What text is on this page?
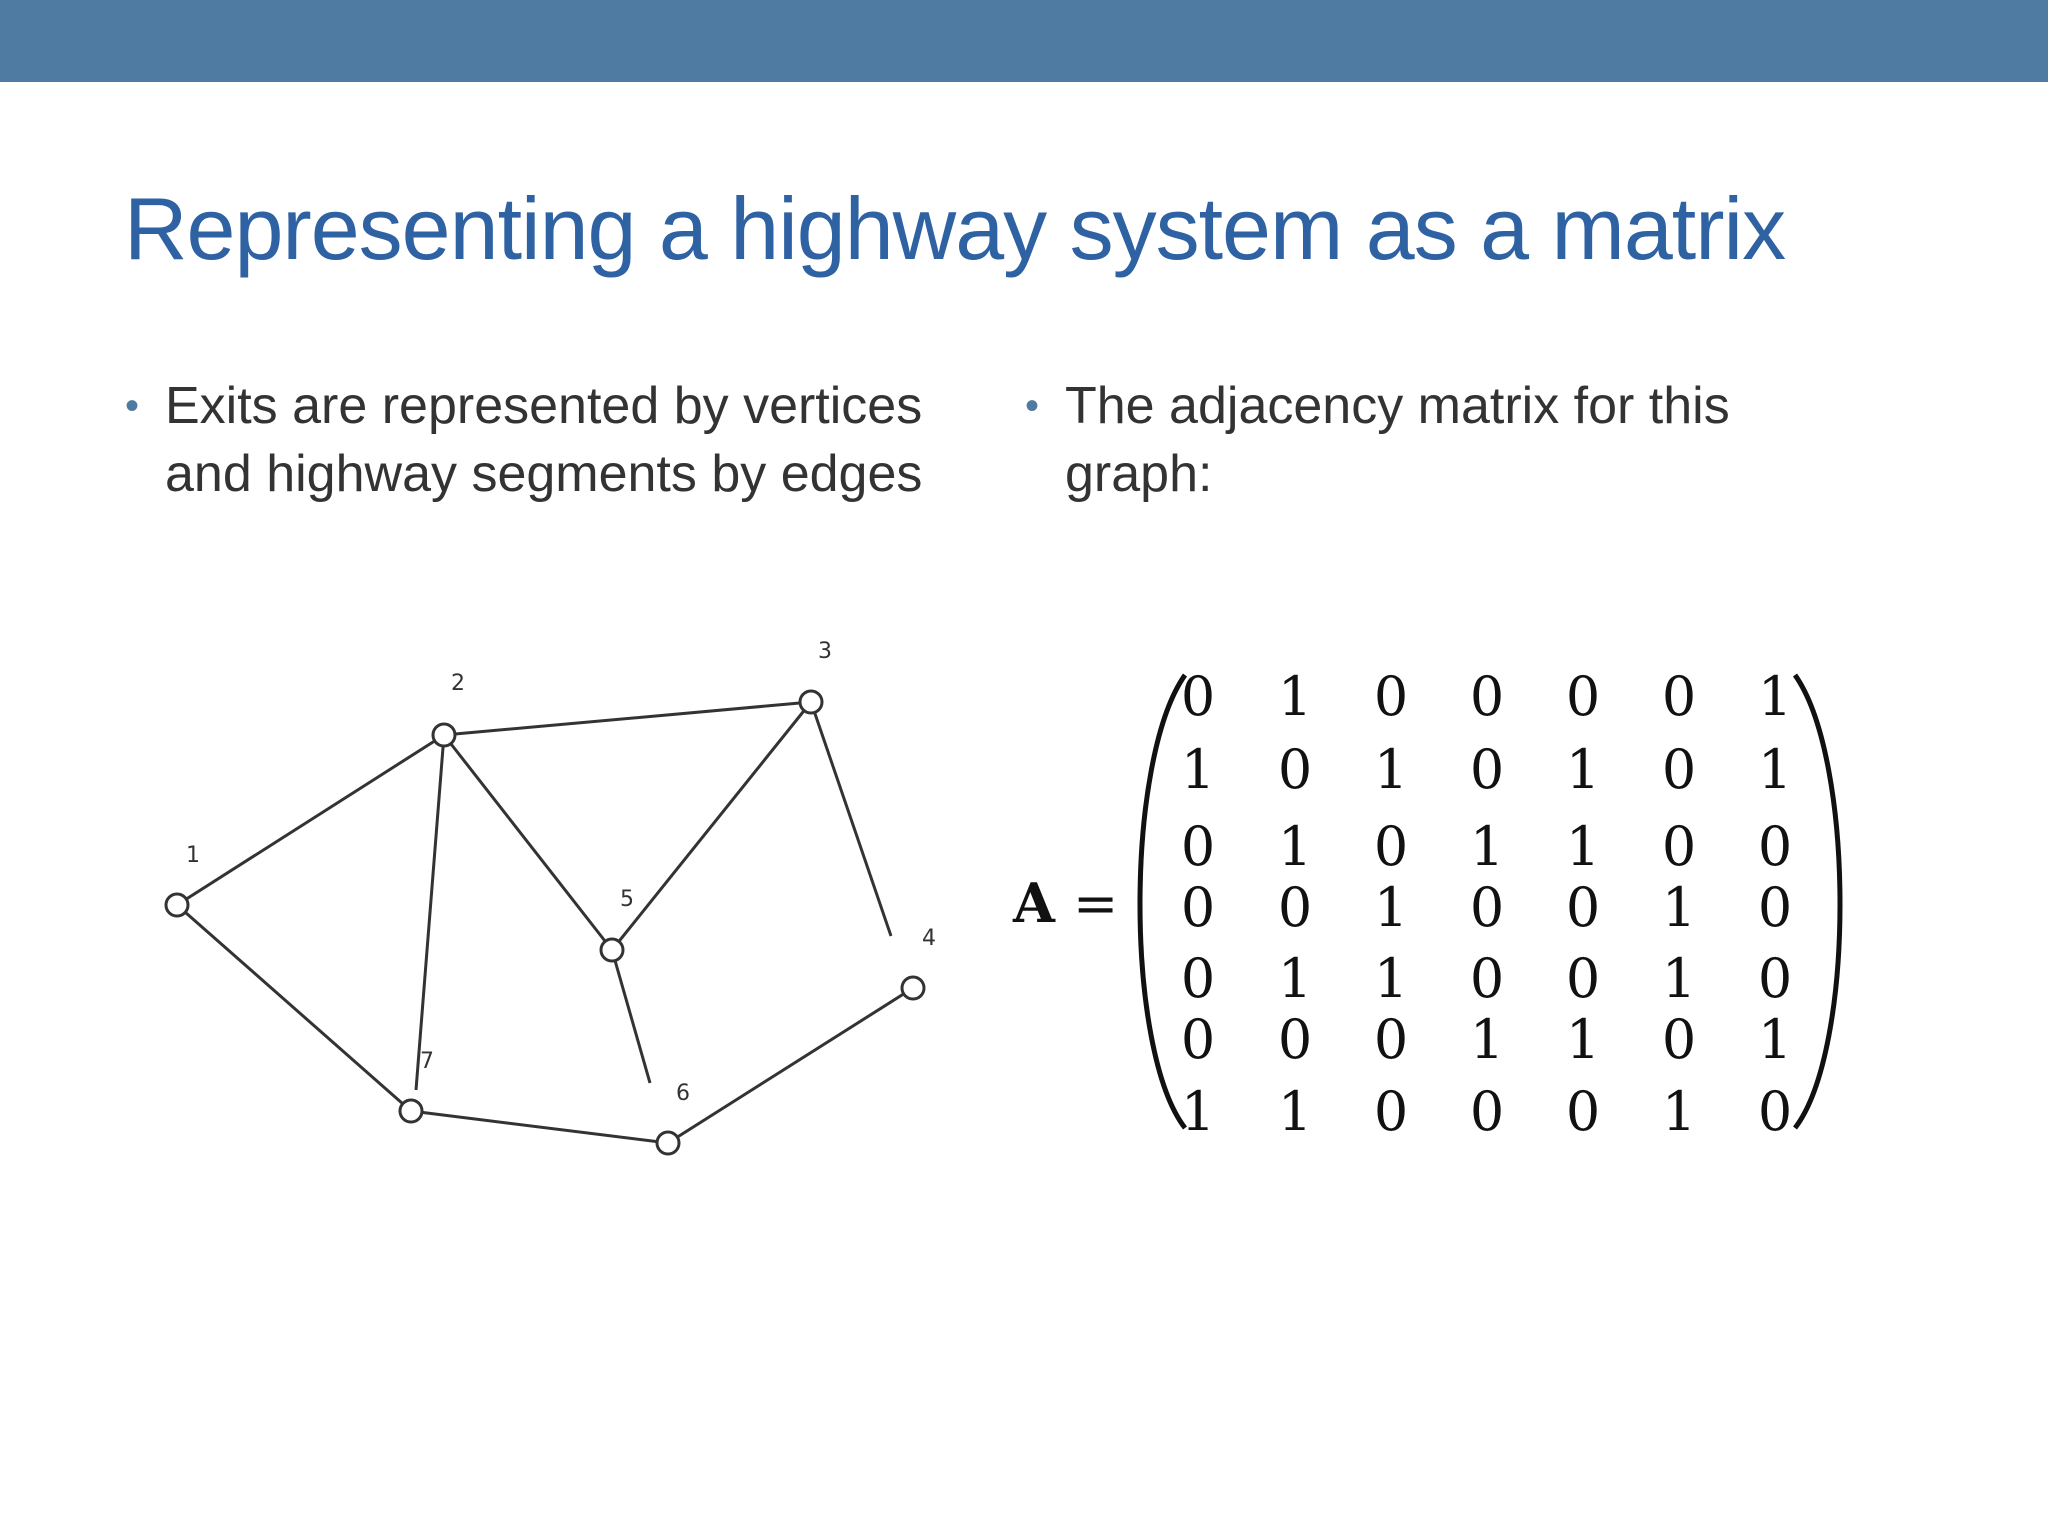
Representing a highway system as a matrix
• Exits are represented by vertices
and highway segments by edges
• The adjacency matrix for this
graph:
1
2
3
4
5
6
7
A =
0 1 0 0 0 0 1
1 0 1 0 1 0 1
0 1 0 1 1 0 0
0 0 1 0 0 1 0
0 1 1 0 0 1 0
0 0 0 1 1 0 1
1 1 0 0 0 1 0
